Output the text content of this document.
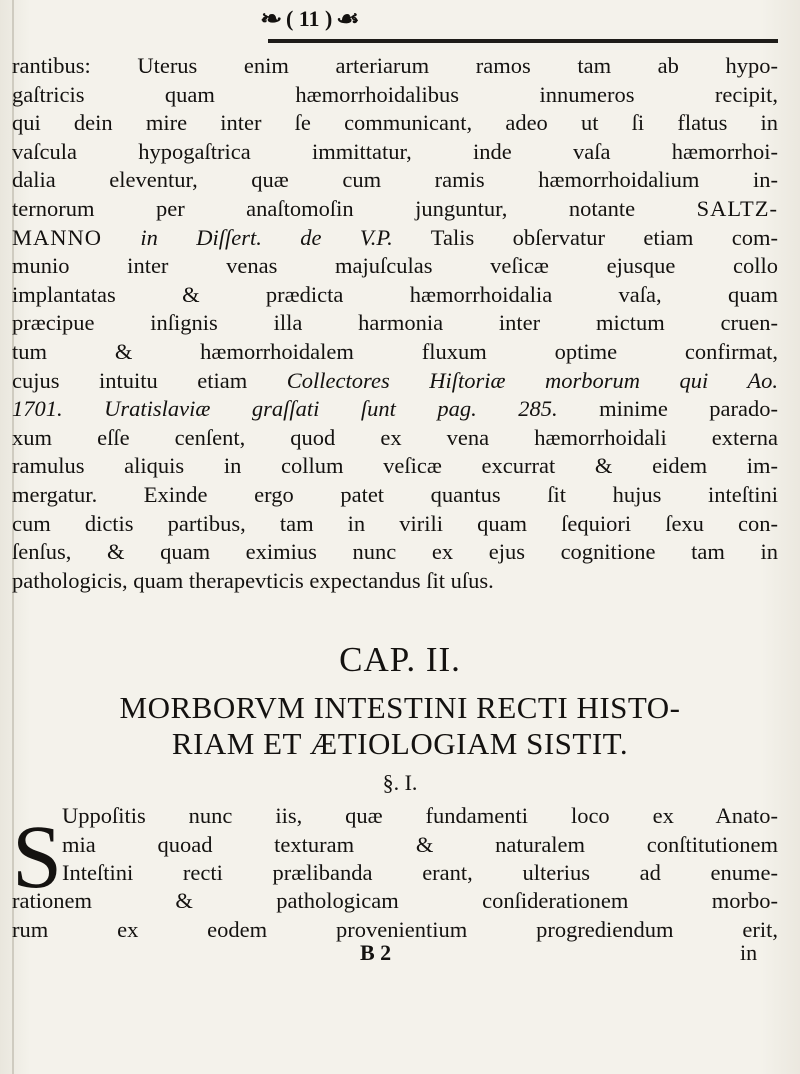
❧ ( 11 ) ☙
rantibus: Uterus enim arteriarum ramos tam ab hypo-
gaſtricis quam hæmorrhoidalibus innumeros recipit,
qui dein mire inter ſe communicant, adeo ut ſi flatus in
vaſcula hypogaſtrica immittatur, inde vaſa hæmorrhoi-
dalia eleventur, quæ cum ramis hæmorrhoidalium in-
ternorum per anaſtomoſin junguntur, notante	SALTZ-
MANNO in Diſſert. de V.P. Talis obſervatur etiam com-
munio inter venas majuſculas veſicæ ejusque collo
implantatas & prædicta hæmorrhoidalia vaſa, quam
præcipue inſignis illa harmonia inter mictum cruen-
tum & hæmorrhoidalem fluxum optime confirmat,
cujus intuitu etiam Collectores Hiſtoriæ morborum qui Ao.
1701. Uratislaviæ graſſati ſunt pag. 285. minime parado-
xum eſſe cenſent, quod ex vena hæmorrhoidali externa
ramulus aliquis in collum veſicæ excurrat & eidem im-
mergatur. Exinde ergo patet quantus ſit hujus inteſtini
cum dictis partibus, tam in virili quam ſequiori ſexu con-
ſenſus, & quam eximius nunc ex ejus cognitione tam in
pathologicis, quam therapevticis expectandus ſit uſus.
CAP. II.
MORBORVM INTESTINI RECTI HISTO-
RIAM ET ÆTIOLOGIAM SISTIT.
§. I.
S Uppoſitis nunc iis, quæ fundamenti loco ex Anato-
mia quoad texturam & naturalem conſtitutionem
Inteſtini recti prælibanda erant, ulterius ad enume-
rationem & pathologicam conſiderationem morbo-
rum ex eodem provenientium progrediendum erit,
B 2	in
